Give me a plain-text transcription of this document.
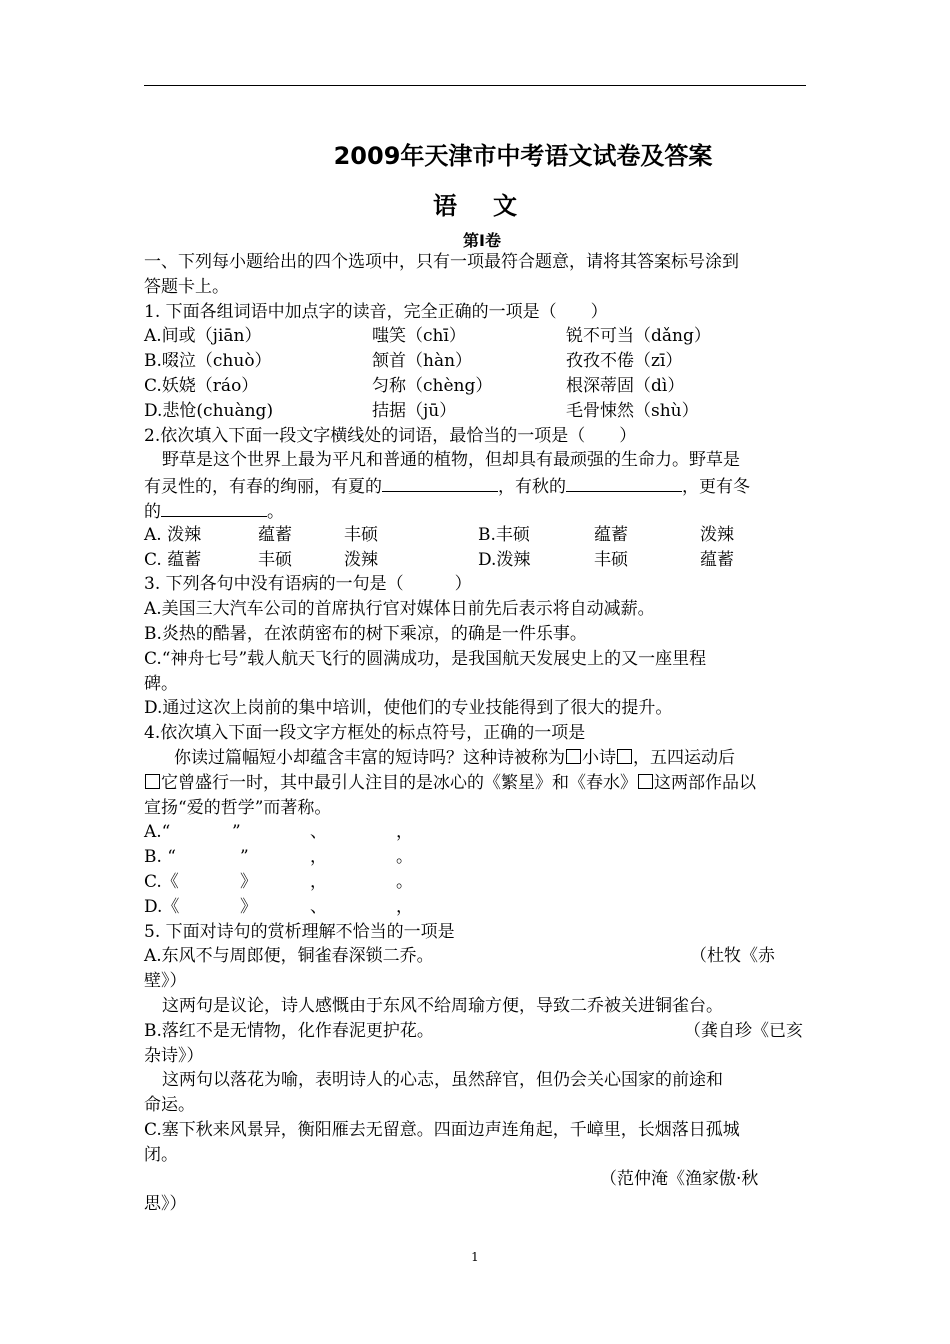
2009年天津市中考语文试卷及答案
语文
第I卷
一、下列每小题给出的四个选项中，只有一项最符合题意，请将其答案标号涂到
答题卡上。
1. 下面各组词语中加点字的读音，完全正确的一项是（　　）
A.间或（jiān）	嗤笑（chī）	锐不可当（dǎng）
B.啜泣（chuò）	颔首（hàn）	孜孜不倦（zī）
C.妖娆（ráo）	匀称（chèng）	根深蒂固（dì）
D.悲怆(chuàng)	拮据（jū）	毛骨悚然（shù）
2.依次填入下面一段文字横线处的词语，最恰当的一项是（　　）
野草是这个世界上最为平凡和普通的植物，但却具有最顽强的生命力。野草是
有灵性的，有春的绚丽，有夏的	，有秋的	，更有冬
的	。
A. 泼辣	蕴蓄	丰硕	B.丰硕	蕴蓄	泼辣
C. 蕴蓄	丰硕	泼辣	D.泼辣	丰硕	蕴蓄
3. 下列各句中没有语病的一句是（　　　）
A.美国三大汽车公司的首席执行官对媒体日前先后表示将自动减薪。
B.炎热的酷暑，在浓荫密布的树下乘凉，的确是一件乐事。
C.“神舟七号”载人航天飞行的圆满成功，是我国航天发展史上的又一座里程
碑。
D.通过这次上岗前的集中培训，使他们的专业技能得到了很大的提升。
4.依次填入下面一段文字方框处的标点符号，正确的一项是
你读过篇幅短小却蕴含丰富的短诗吗？这种诗被称为 小诗 ，五四运动后
它曾盛行一时，其中最引人注目的是冰心的《繁星》和《春水》 这两部作品以
宣扬“爱的哲学”而著称。
A.“	”	、	，
B. “	”	，	。
C.《	》	，	。
D.《	》	、	，
5. 下面对诗句的赏析理解不恰当的一项是
A.东风不与周郎便，铜雀春深锁二乔。	（杜牧《赤
壁》）
这两句是议论，诗人感慨由于东风不给周瑜方便，导致二乔被关进铜雀台。
B.落红不是无情物，化作春泥更护花。	（龚自珍《已亥
杂诗》）
这两句以落花为喻，表明诗人的心志，虽然辞官，但仍会关心国家的前途和
命运。
C.塞下秋来风景异，衡阳雁去无留意。四面边声连角起，千嶂里，长烟落日孤城
闭。
（范仲淹《渔家傲·秋
思》）
1
